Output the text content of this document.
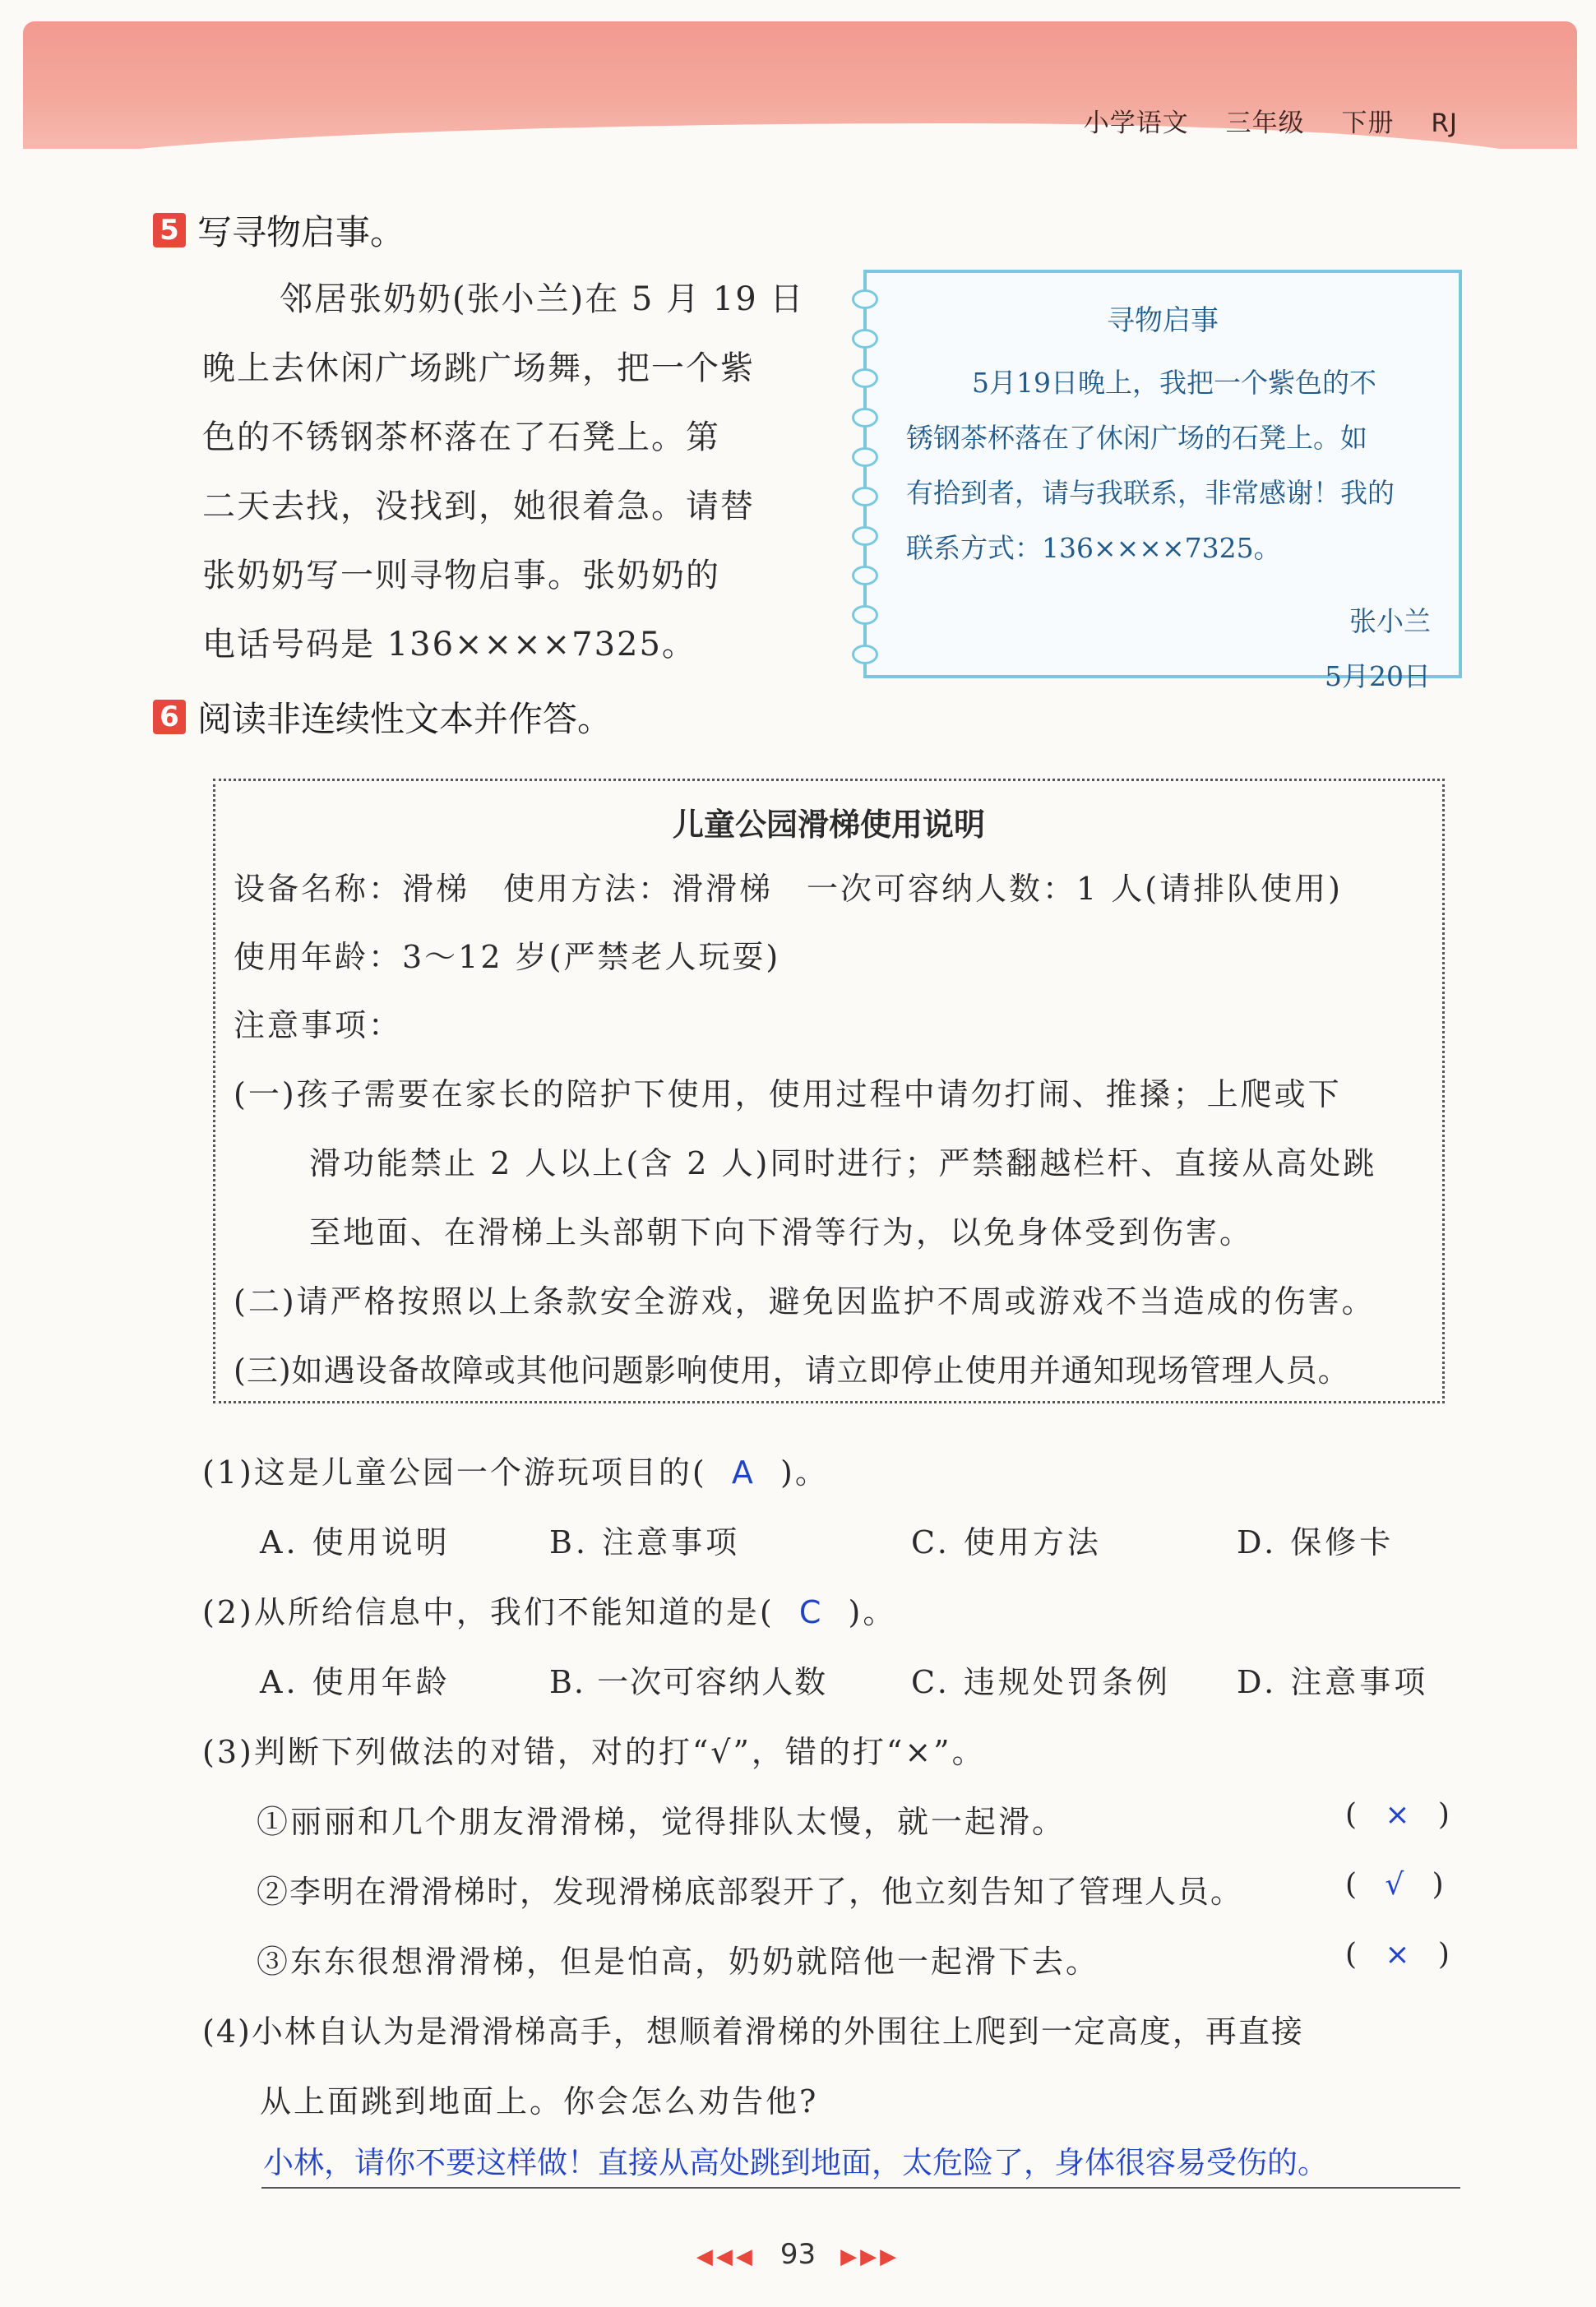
小学语文 三年级 下册 RJ
5 写寻物启事。
邻居张奶奶(张小兰)在 5 月 19 日
晚上去休闲广场跳广场舞，把一个紫
色的不锈钢茶杯落在了石凳上。第
二天去找，没找到，她很着急。请替
张奶奶写一则寻物启事。张奶奶的
电话号码是 136××××7325。
寻物启事
5月19日晚上，我把一个紫色的不
锈钢茶杯落在了休闲广场的石凳上。如
有拾到者，请与我联系，非常感谢！我的
联系方式：136××××7325。
张小兰
5月20日
6 阅读非连续性文本并作答。
儿童公园滑梯使用说明
设备名称：滑梯　使用方法：滑滑梯　一次可容纳人数：1 人(请排队使用)
使用年龄：3～12 岁(严禁老人玩耍)
注意事项：
(一)孩子需要在家长的陪护下使用，使用过程中请勿打闹、推搡；上爬或下
滑功能禁止 2 人以上(含 2 人)同时进行；严禁翻越栏杆、直接从高处跳
至地面、在滑梯上头部朝下向下滑等行为，以免身体受到伤害。
(二)请严格按照以上条款安全游戏，避免因监护不周或游戏不当造成的伤害。
(三)如遇设备故障或其他问题影响使用，请立即停止使用并通知现场管理人员。
(1)这是儿童公园一个游玩项目的( A )。
A. 使用说明	B. 注意事项	C. 使用方法	D. 保修卡
(2)从所给信息中，我们不能知道的是( C )。
A. 使用年龄	B. 一次可容纳人数	C. 违规处罚条例 D. 注意事项
(3)判断下列做法的对错，对的打“√”，错的打“×”。
①丽丽和几个朋友滑滑梯，觉得排队太慢，就一起滑。	(   ×   )
②李明在滑滑梯时，发现滑梯底部裂开了，他立刻告知了管理人员。	(   √   )
③东东很想滑滑梯，但是怕高，奶奶就陪他一起滑下去。	(   ×   )
(4)小林自认为是滑滑梯高手，想顺着滑梯的外围往上爬到一定高度，再直接
从上面跳到地面上。你会怎么劝告他?
小林，请你不要这样做！直接从高处跳到地面，太危险了，身体很容易受伤的。
◀◀◀ 93 ▶▶▶
